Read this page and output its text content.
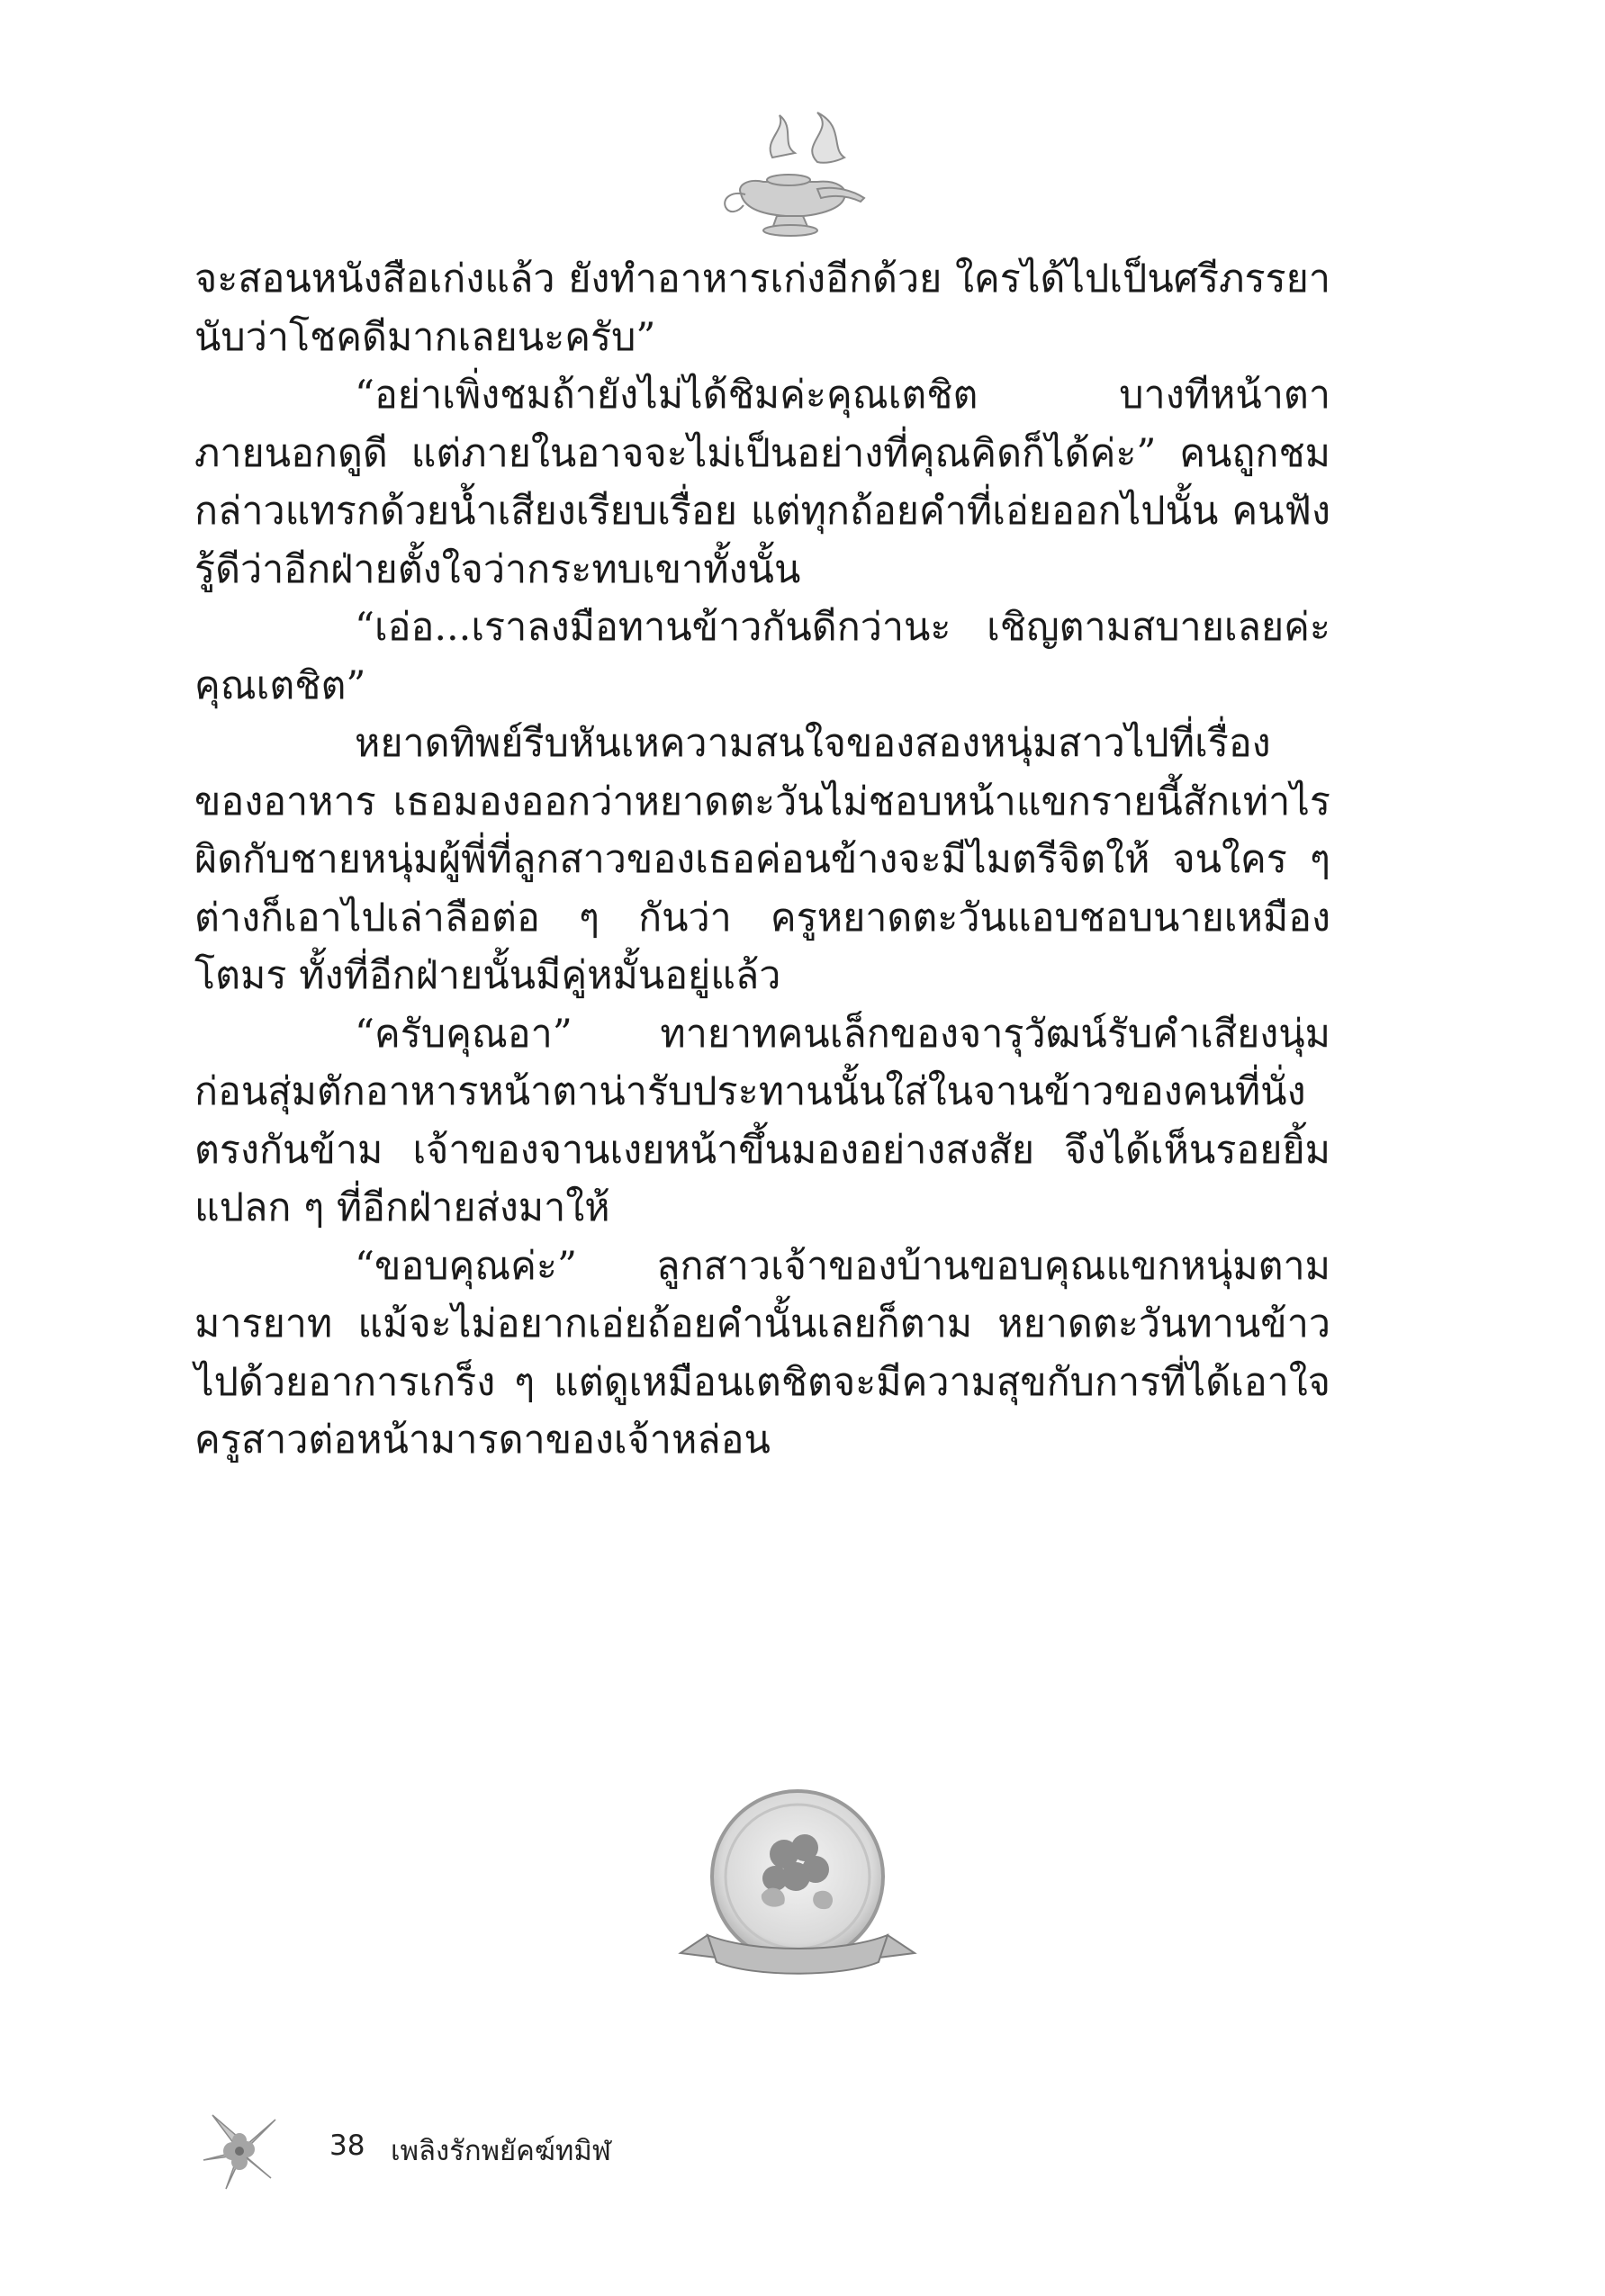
จะสอนหนังสือเก่งแล้ว ยังทำอาหารเก่งอีกด้วย ใครได้ไปเป็นศรีภรรยานับว่าโชคดีมากเลยนะครับ”

“อย่าเพิ่งชมถ้ายังไม่ได้ชิมค่ะคุณเตชิต บางทีหน้าตาภายนอกดูดี แต่ภายในอาจจะไม่เป็นอย่างที่คุณคิดก็ได้ค่ะ” คนถูกชมกล่าวแทรกด้วยน้ำเสียงเรียบเรื่อย แต่ทุกถ้อยคำที่เอ่ยออกไปนั้น คนฟังรู้ดีว่าอีกฝ่ายตั้งใจว่ากระทบเขาทั้งนั้น

“เอ่อ...เราลงมือทานข้าวกันดีกว่านะ เชิญตามสบายเลยค่ะคุณเตชิต”

หยาดทิพย์รีบหันเหความสนใจของสองหนุ่มสาวไปที่เรื่องของอาหาร เธอมองออกว่าหยาดตะวันไม่ชอบหน้าแขกรายนี้สักเท่าไรผิดกับชายหนุ่มผู้พี่ที่ลูกสาวของเธอค่อนข้างจะมีไมตรีจิตให้ จนใคร ๆ ต่างก็เอาไปเล่าลือต่อ ๆ กันว่า ครูหยาดตะวันแอบชอบนายเหมืองโตมร ทั้งที่อีกฝ่ายนั้นมีคู่หมั้นอยู่แล้ว

“ครับคุณอา” ทายาทคนเล็กของจารุวัฒน์รับคำเสียงนุ่ม ก่อนสุ่มตักอาหารหน้าตาน่ารับประทานนั้นใส่ในจานข้าวของคนที่นั่งตรงกันข้าม เจ้าของจานเงยหน้าขึ้นมองอย่างสงสัย จึงได้เห็นรอยยิ้มแปลก ๆ ที่อีกฝ่ายส่งมาให้

“ขอบคุณค่ะ” ลูกสาวเจ้าของบ้านขอบคุณแขกหนุ่มตามมารยาท แม้จะไม่อยากเอ่ยถ้อยคำนั้นเลยก็ตาม หยาดตะวันทานข้าวไปด้วยอาการเกร็ง ๆ แต่ดูเหมือนเตชิตจะมีความสุขกับการที่ได้เอาใจครูสาวต่อหน้ามารดาของเจ้าหล่อน

38 เพลิงรักพยัคฆ์ทมิฬ
